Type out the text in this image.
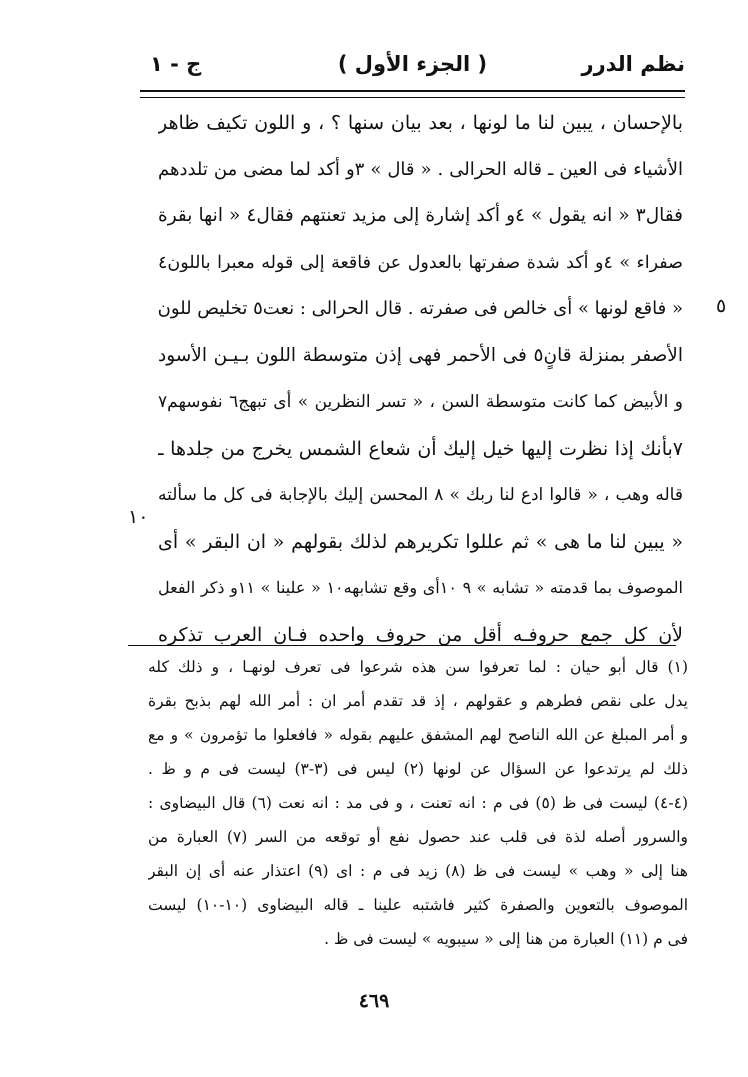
نظم الدرر
( الجزء الأول )
ج - ١
بالإحسان ، يبين لنا ما لونها ، بعد بيان سنها ؟ ، و اللون تكيف ظاهر
الأشياء فى العين ـ قاله الحرالى . « قال » ٣و أكد لما مضى من تلددهم
فقال٣ « انه يقول » ٤و أكد إشارة إلى مزيد تعنتهم فقال٤ « انها بقرة
صفراء » ٤و أكد شدة صفرتها بالعدول عن فاقعة إلى قوله معبرا باللون٤
« فاقع لونها » أى خالص فى صفرته . قال الحرالى : نعت٥ تخليص للون
الأصفر بمنزلة قانٍ٥ فى الأحمر فهى إذن متوسطة اللون بـيـن الأسود
و الأبيض كما كانت متوسطة السن ، « تسر النظرين » أى تبهج٦ نفوسهم٧
٧بأنك إذا نظرت إليها خيل إليك أن شعاع الشمس يخرج من جلدها ـ
قاله وهب ، « قالوا ادع لنا ربك » ٨ المحسن إليك بالإجابة فى كل ما سألته
« يبين لنا ما هى » ثم عللوا تكريرهم لذلك بقولهم « ان البقر » أى
الموصوف بما قدمته « تشابه » ٩ ١٠أى وقع تشابهه١٠ « علينا » ١١و ذكر الفعل
لأن كل جمع حروفـه أقل من حروف واحده فـان العرب تذكره
٥
١٠
(١) قال أبو حيان : لما تعرفوا سن هذه شرعوا فى تعرف لونهـا ، و ذلك كله
يدل على نقص فطرهم و عقولهم ، إذ قد تقدم أمر ان : أمر الله لهم بذبح بقرة
و أمر المبلغ عن الله الناصح لهم المشفق عليهم بقوله « فافعلوا ما تؤمرون » و مع
ذلك لم يرتدعوا عن السؤال عن لونها (٢) ليس فى (٣-٣) ليست فى م و ظ .
(٤-٤) ليست فى ظ (٥) فى م : انه تعنت ، و فى مد : انه نعت (٦) قال البيضاوى :
والسرور أصله لذة فى قلب عند حصول نفع أو توقعه من السر (٧) العبارة من
هنا إلى « وهب » ليست فى ظ (٨) زيد فى م : اى (٩) اعتذار عنه أى إن البقر
الموصوف بالتعوين والصفرة كثير فاشتبه علينا ـ قاله البيضاوى (١٠-١٠) ليست
فى م (١١) العبارة من هنا إلى « سيبويه » ليست فى ظ .
٤٦٩
